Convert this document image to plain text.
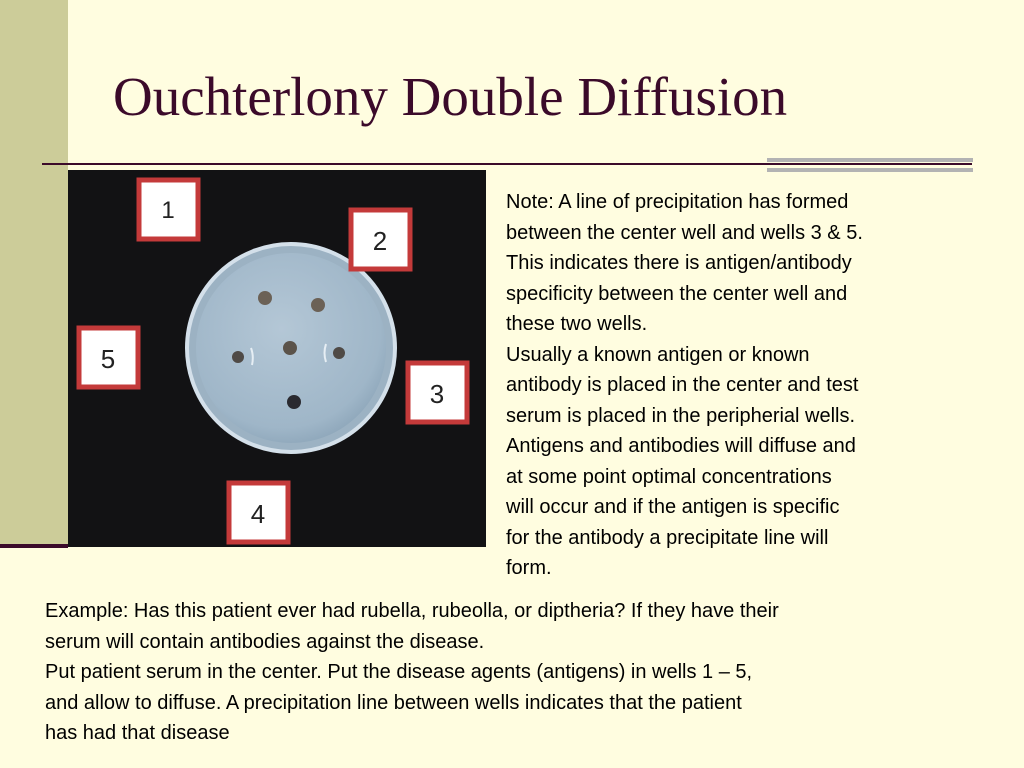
Ouchterlony Double Diffusion
1
2
5
3
4

Note: A line of precipitation has formed

between the center well and wells 3 & 5.

This indicates there is antigen/antibody

specificity between the center well and

these two wells.

Usually a known antigen or known

antibody is placed in the center and test

serum is placed in the peripherial wells.

Antigens and antibodies will diffuse and

at some point optimal concentrations

will occur and if the antigen is specific

for the antibody a precipitate line will

form.

Example: Has this patient ever had rubella, rubeolla, or diptheria? If they have their

serum will contain antibodies against the disease.

Put patient serum in the center. Put the disease agents (antigens) in wells 1 – 5,

and allow to diffuse. A precipitation line between wells indicates that the patient

has had that disease
